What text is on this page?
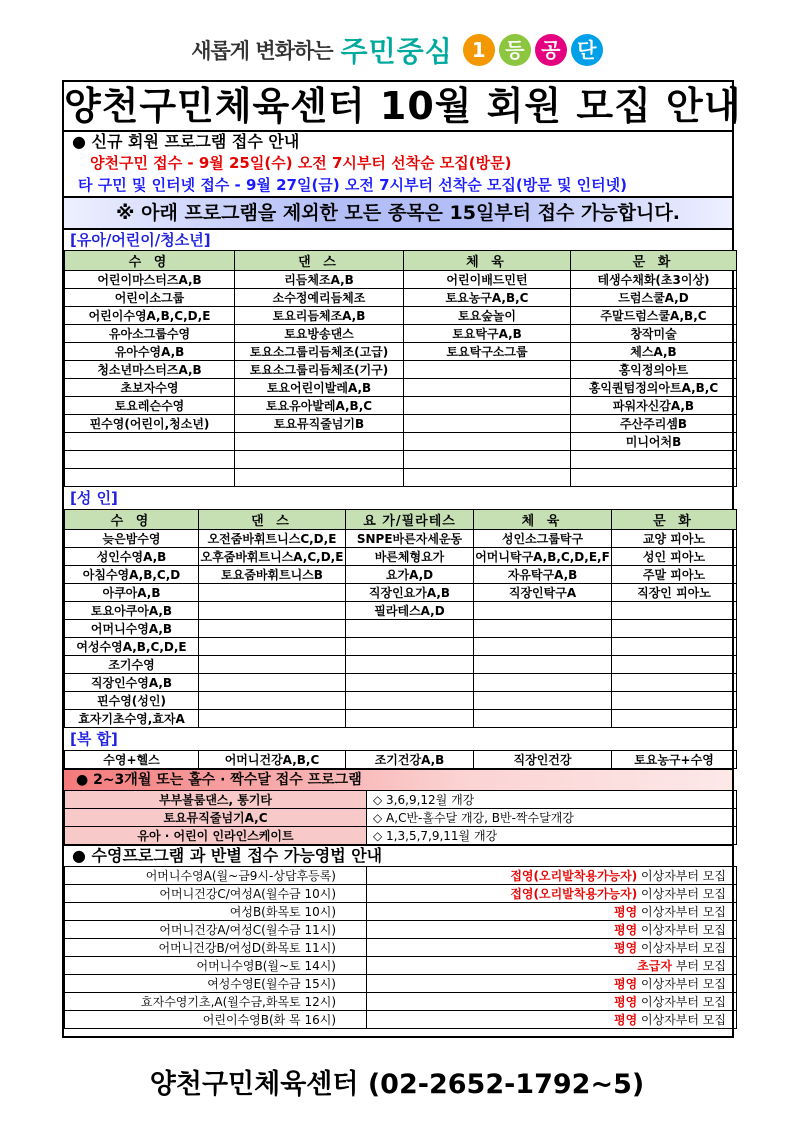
새롭게 변화하는 주민중심 1 등 공 단
양천구민체육센터 10월 회원 모집 안내
● 신규 회원 프로그램 접수 안내
양천구민 접수 - 9월 25일(수) 오전 7시부터 선착순 모집(방문)
타 구민 및 인터넷 접수 - 9월 27일(금) 오전 7시부터 선착순 모집(방문 및 인터넷)
※ 아래 프로그램을 제외한 모든 종목은 15일부터 접수 가능합니다.
[유아/어린이/청소년]
수 영	댄 스	체 육	문 화
어린이마스터즈A,B	리듬체조A,B	어린이배드민턴	테생수채화(초3이상)
어린이소그룹	소수정예리듬체조	토요농구A,B,C	드럼스쿨A,D
어린이수영A,B,C,D,E	토요리듬체조A,B	토요숲놀이	주말드럼스쿨A,B,C
유아소그룹수영	토요방송댄스	토요탁구A,B	창작미술
유아수영A,B	토요소그룹리듬체조(고급)	토요탁구소그룹	체스A,B
청소년마스터즈A,B	토요소그룹리듬체조(기구)		홍익정의아트
초보자수영	토요어린이발레A,B		홍익퀀텀정의아트A,B,C
토요레슨수영	토요유아발레A,B,C		파워자신감A,B
핀수영(어린이,청소년)	토요뮤직줄넘기B		주산주리셈B
			미니어처B

[성 인]
수 영	댄 스	요 가/필라테스	체 육	문 화
늦은밤수영	오전줌바휘트니스C,D,E	SNPE바른자세운동	성인소그룹탁구	교양 피아노
성인수영A,B	오후줌바휘트니스A,C,D,E	바른체형요가	어머니탁구A,B,C,D,E,F	성인 피아노
아침수영A,B,C,D	토요줌바휘트니스B	요가A,D	자유탁구A,B	주말 피아노
아쿠아A,B		직장인요가A,B	직장인탁구A	직장인 피아노
토요아쿠아A,B		필라테스A,D		
어머니수영A,B				
여성수영A,B,C,D,E				
조기수영				
직장인수영A,B				
핀수영(성인)				
효자기초수영,효자A				
[복 합]
수영+헬스	어머니건강A,B,C	조기건강A,B	직장인건강	토요농구+수영
● 2~3개월 또는 홀수 · 짝수달 접수 프로그램
부부볼룸댄스, 통기타	◇ 3,6,9,12월 개강
토요뮤직줄넘기A,C	◇ A,C반-홀수달 개강, B반-짝수달개강
유아 · 어린이 인라인스케이트	◇ 1,3,5,7,9,11월 개강
● 수영프로그램 과 반별 접수 가능영법 안내
어머니수영A(월~금9시-상담후등록)	접영(오리발착용가능자) 이상자부터 모집
어머니건강C/여성A(월수금 10시)	접영(오리발착용가능자) 이상자부터 모집
여성B(화목토 10시)	평영 이상자부터 모집
어머니건강A/여성C(월수금 11시)	평영 이상자부터 모집
어머니건강B/여성D(화목토 11시)	평영 이상자부터 모집
어머니수영B(월~토 14시)	초급자 부터 모집
여성수영E(월수금 15시)	평영 이상자부터 모집
효자수영기초,A(월수금,화목토 12시)	평영 이상자부터 모집
어린이수영B(화 목 16시)	평영 이상자부터 모집
양천구민체육센터 (02-2652-1792~5)
